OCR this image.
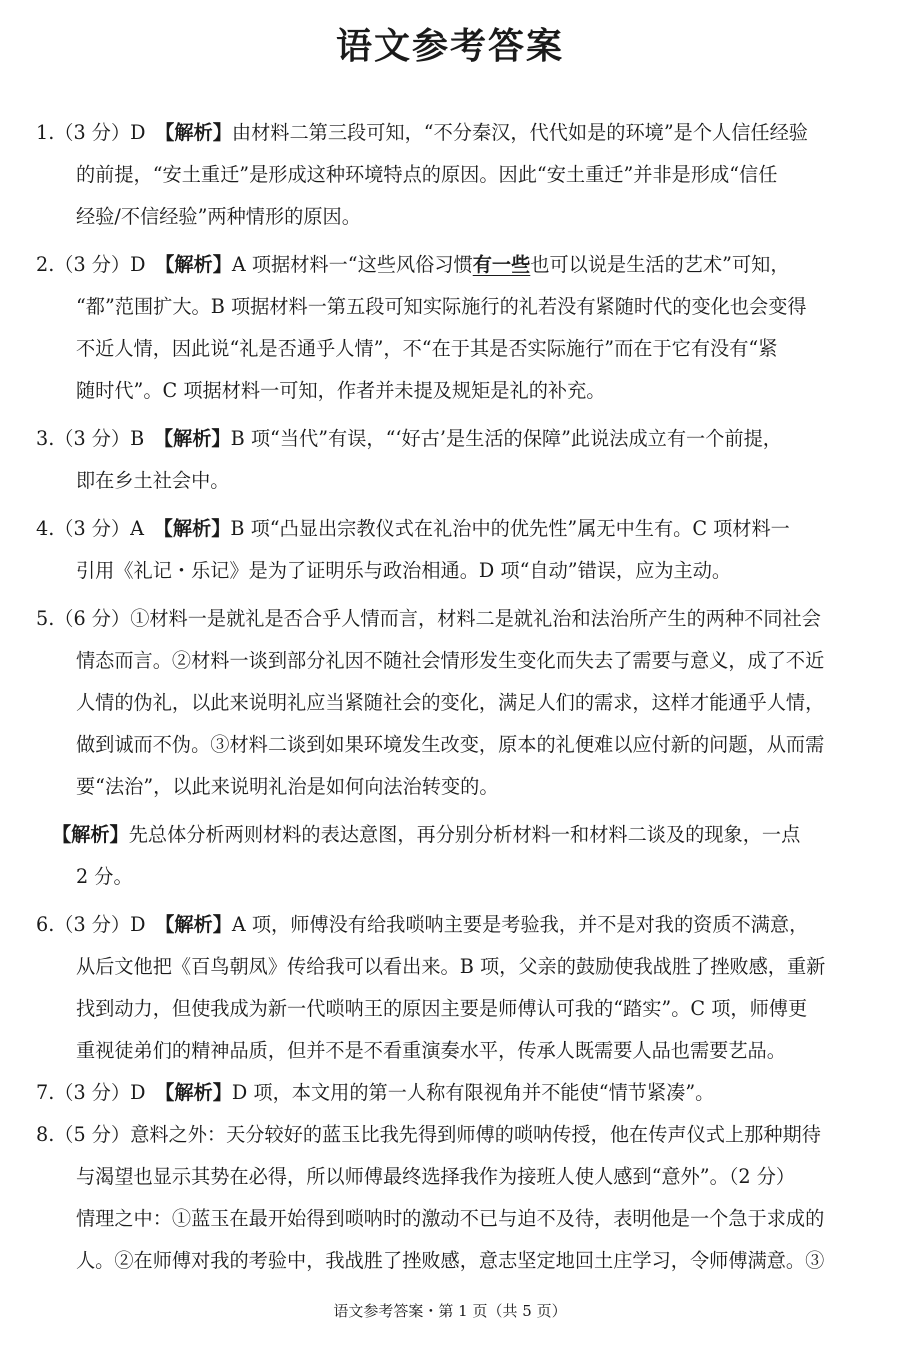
语文参考答案
1.（3 分）D　【解析】由材料二第三段可知，“不分秦汉，代代如是的环境”是个人信任经验
的前提，“安土重迁”是形成这种环境特点的原因。因此“安土重迁”并非是形成“信任
经验/不信经验”两种情形的原因。
2.（3 分）D　【解析】A 项据材料一“这些风俗习惯有一些也可以说是生活的艺术”可知，
“都”范围扩大。B 项据材料一第五段可知实际施行的礼若没有紧随时代的变化也会变得
不近人情，因此说“礼是否通乎人情”，不“在于其是否实际施行”而在于它有没有“紧
随时代”。C 项据材料一可知，作者并未提及规矩是礼的补充。
3.（3 分）B　【解析】B 项“当代”有误，“‘好古’是生活的保障”此说法成立有一个前提，
即在乡土社会中。
4.（3 分）A　【解析】B 项“凸显出宗教仪式在礼治中的优先性”属无中生有。C 项材料一
引用《礼记・乐记》是为了证明乐与政治相通。D 项“自动”错误，应为主动。
5.（6 分）①材料一是就礼是否合乎人情而言，材料二是就礼治和法治所产生的两种不同社会
情态而言。②材料一谈到部分礼因不随社会情形发生变化而失去了需要与意义，成了不近
人情的伪礼，以此来说明礼应当紧随社会的变化，满足人们的需求，这样才能通乎人情，
做到诚而不伪。③材料二谈到如果环境发生改变，原本的礼便难以应付新的问题，从而需
要“法治”，以此来说明礼治是如何向法治转变的。
【解析】先总体分析两则材料的表达意图，再分别分析材料一和材料二谈及的现象，一点
2 分。
6.（3 分）D　【解析】A 项，师傅没有给我唢呐主要是考验我，并不是对我的资质不满意，
从后文他把《百鸟朝凤》传给我可以看出来。B 项，父亲的鼓励使我战胜了挫败感，重新
找到动力，但使我成为新一代唢呐王的原因主要是师傅认可我的“踏实”。C 项，师傅更
重视徒弟们的精神品质，但并不是不看重演奏水平，传承人既需要人品也需要艺品。
7.（3 分）D　【解析】D 项，本文用的第一人称有限视角并不能使“情节紧凑”。
8.（5 分）意料之外：天分较好的蓝玉比我先得到师傅的唢呐传授，他在传声仪式上那种期待
与渴望也显示其势在必得，所以师傅最终选择我作为接班人使人感到“意外”。（2 分）
情理之中：①蓝玉在最开始得到唢呐时的激动不已与迫不及待，表明他是一个急于求成的
人。②在师傅对我的考验中，我战胜了挫败感，意志坚定地回土庄学习，令师傅满意。③
语文参考答案・第 1 页（共 5 页）
